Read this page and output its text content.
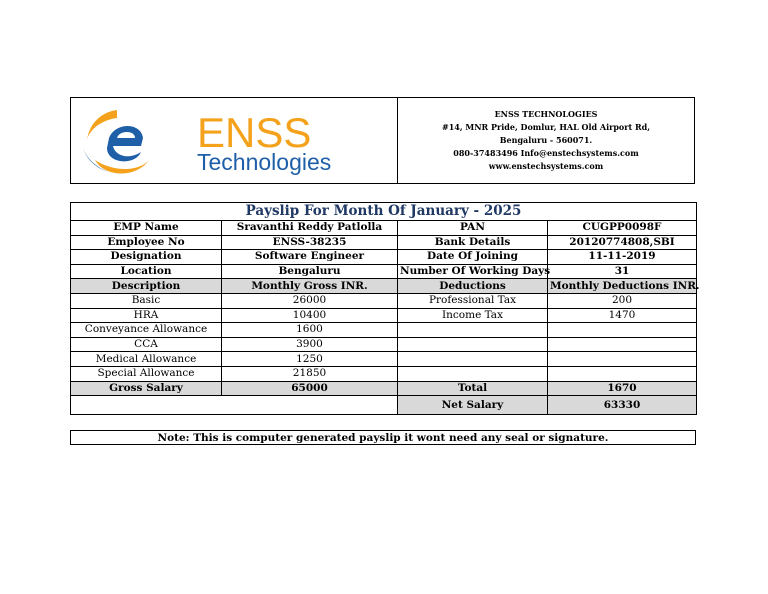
ENSS
Technologies
ENSS TECHNOLOGIES
#14, MNR Pride, Domlur, HAL Old Airport Rd,
Bengaluru - 560071.
080-37483496 Info@enstechsystems.com www.enstechsystems.com
Payslip For Month Of January - 2025			
EMP Name	Sravanthi Reddy Patlolla	PAN	CUGPP0098F
Employee No	ENSS-38235	Bank Details	20120774808,SBI
Designation	Software Engineer	Date Of Joining	11-11-2019
Location	Bengaluru	Number Of Working Days	31
Description	Monthly Gross INR.	Deductions	Monthly Deductions INR.
Basic	26000	Professional Tax	200
HRA	10400	Income Tax	1470
Conveyance Allowance	1600		
CCA	3900		
Medical Allowance	1250		
Special Allowance	21850		
Gross Salary	65000	Total	1670
		Net Salary	63330
Note: This is computer generated payslip it wont need any seal or signature.
